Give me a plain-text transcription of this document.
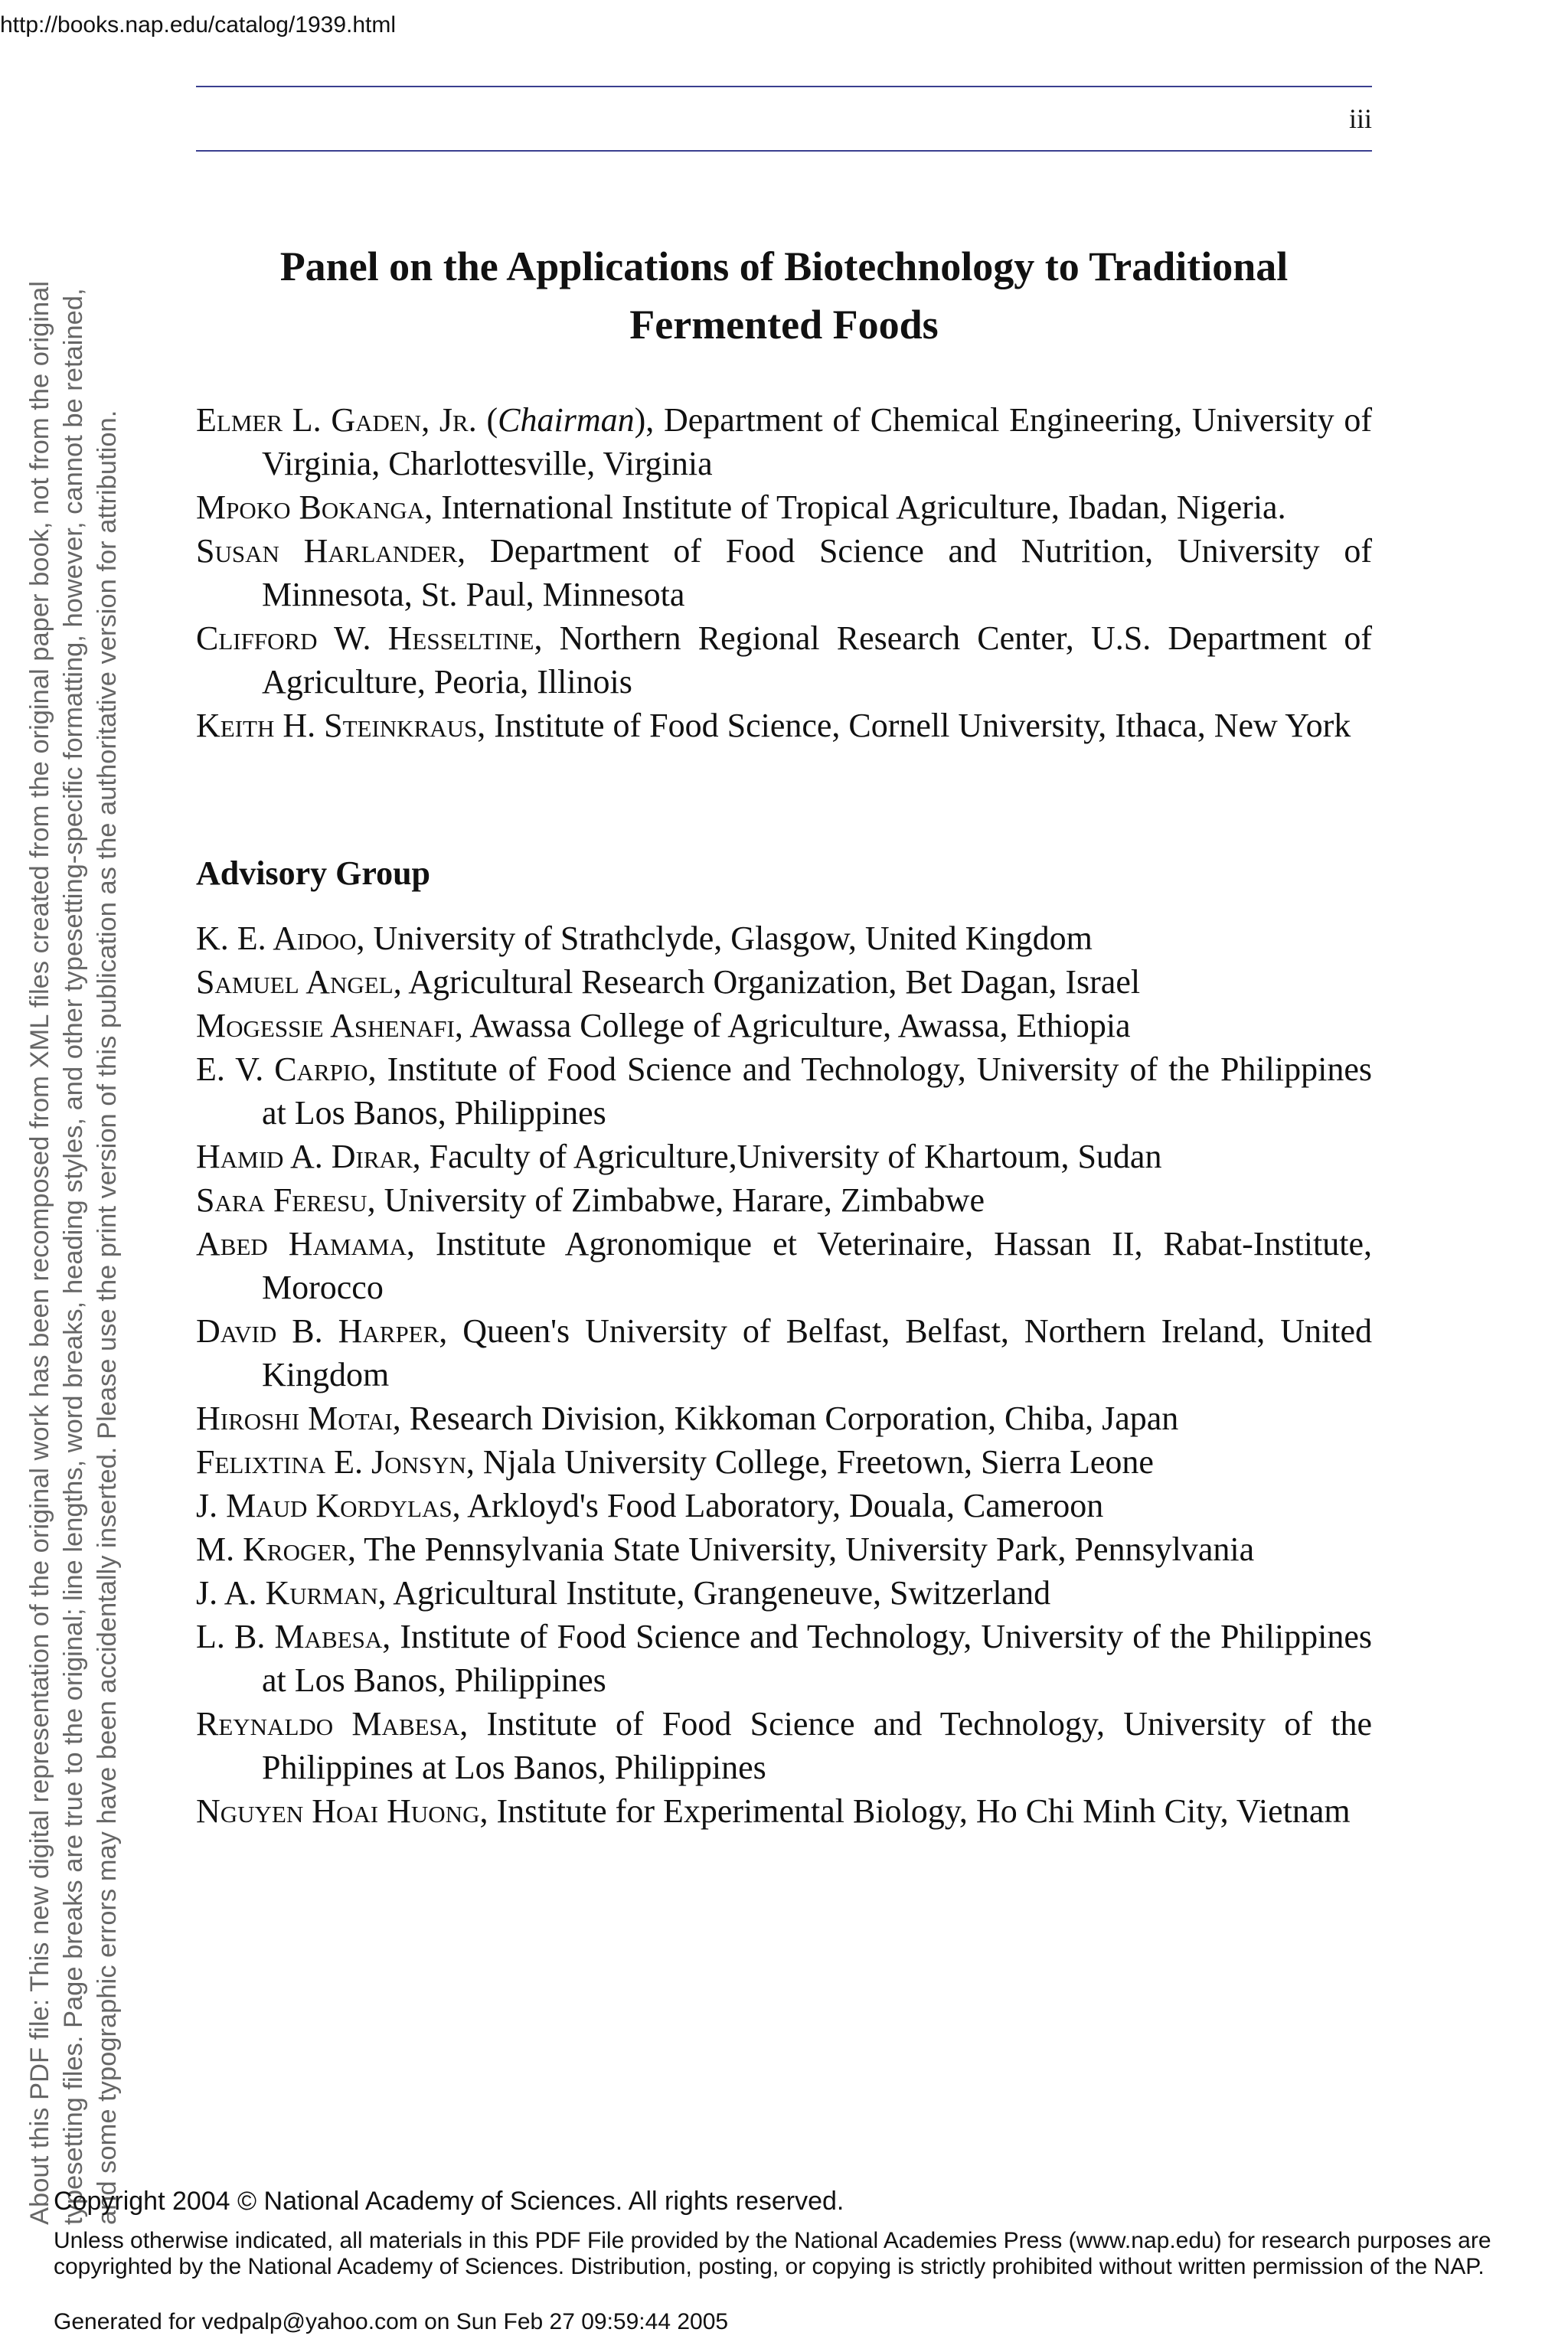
http://books.nap.edu/catalog/1939.html
iii
Panel on the Applications of Biotechnology to Traditional Fermented Foods
Elmer L. Gaden, Jr. (Chairman), Department of Chemical Engineering, University of Virginia, Charlottesville, Virginia
Mpoko Bokanga, International Institute of Tropical Agriculture, Ibadan, Nigeria.
Susan Harlander, Department of Food Science and Nutrition, University of Minnesota, St. Paul, Minnesota
Clifford W. Hesseltine, Northern Regional Research Center, U.S. Department of Agriculture, Peoria, Illinois
Keith H. Steinkraus, Institute of Food Science, Cornell University, Ithaca, New York
Advisory Group
K. E. Aidoo, University of Strathclyde, Glasgow, United Kingdom
Samuel Angel, Agricultural Research Organization, Bet Dagan, Israel
Mogessie Ashenafi, Awassa College of Agriculture, Awassa, Ethiopia
E. V. Carpio, Institute of Food Science and Technology, University of the Philippines at Los Banos, Philippines
Hamid A. Dirar, Faculty of Agriculture,University of Khartoum, Sudan
Sara Feresu, University of Zimbabwe, Harare, Zimbabwe
Abed Hamama, Institute Agronomique et Veterinaire, Hassan II, Rabat-Institute, Morocco
David B. Harper, Queen's University of Belfast, Belfast, Northern Ireland, United Kingdom
Hiroshi Motai, Research Division, Kikkoman Corporation, Chiba, Japan
Felixtina E. Jonsyn, Njala University College, Freetown, Sierra Leone
J. Maud Kordylas, Arkloyd's Food Laboratory, Douala, Cameroon
M. Kroger, The Pennsylvania State University, University Park, Pennsylvania
J. A. Kurman, Agricultural Institute, Grangeneuve, Switzerland
L. B. Mabesa, Institute of Food Science and Technology, University of the Philippines at Los Banos, Philippines
Reynaldo Mabesa, Institute of Food Science and Technology, University of the Philippines at Los Banos, Philippines
Nguyen Hoai Huong, Institute for Experimental Biology, Ho Chi Minh City, Vietnam
About this PDF file: This new digital representation of the original work has been recomposed from XML files created from the original paper book, not from the original typesetting files. Page breaks are true to the original; line lengths, word breaks, heading styles, and other typesetting-specific formatting, however, cannot be retained, and some typographic errors may have been accidentally inserted. Please use the print version of this publication as the authoritative version for attribution.
Copyright 2004 © National Academy of Sciences. All rights reserved.
Unless otherwise indicated, all materials in this PDF File provided by the National Academies Press (www.nap.edu) for research purposes are copyrighted by the National Academy of Sciences. Distribution, posting, or copying is strictly prohibited without written permission of the NAP.
Generated for vedpalp@yahoo.com on Sun Feb 27 09:59:44 2005
